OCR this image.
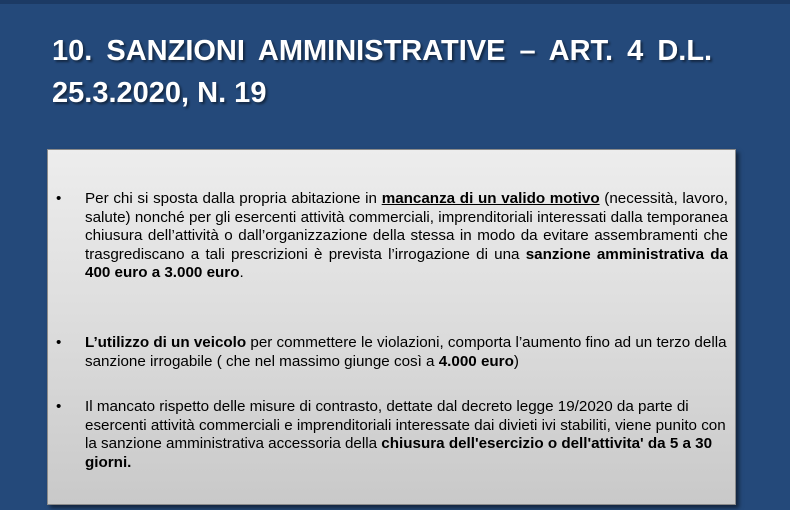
10. SANZIONI AMMINISTRATIVE – ART. 4 D.L.
25.3.2020, N. 19
•	Per chi si sposta dalla propria abitazione in mancanza di un valido motivo (necessità, lavoro, salute) nonché per gli esercenti attività commerciali, imprenditoriali interessati dalla temporanea chiusura dell’attività o dall’organizzazione della stessa in modo da evitare assembramenti che trasgrediscano a tali prescrizioni è prevista l’irrogazione di una sanzione amministrativa da 400 euro a 3.000 euro.
•	L’utilizzo di un veicolo per commettere le violazioni, comporta l’aumento fino ad un terzo della sanzione irrogabile ( che nel massimo giunge così a 4.000 euro)
•	Il mancato rispetto delle misure di contrasto, dettate dal decreto legge 19/2020 da parte di esercenti attività commerciali e imprenditoriali interessate dai divieti ivi stabiliti, viene punito con la sanzione amministrativa accessoria della chiusura dell'esercizio o dell'attivita' da 5 a 30 giorni.
